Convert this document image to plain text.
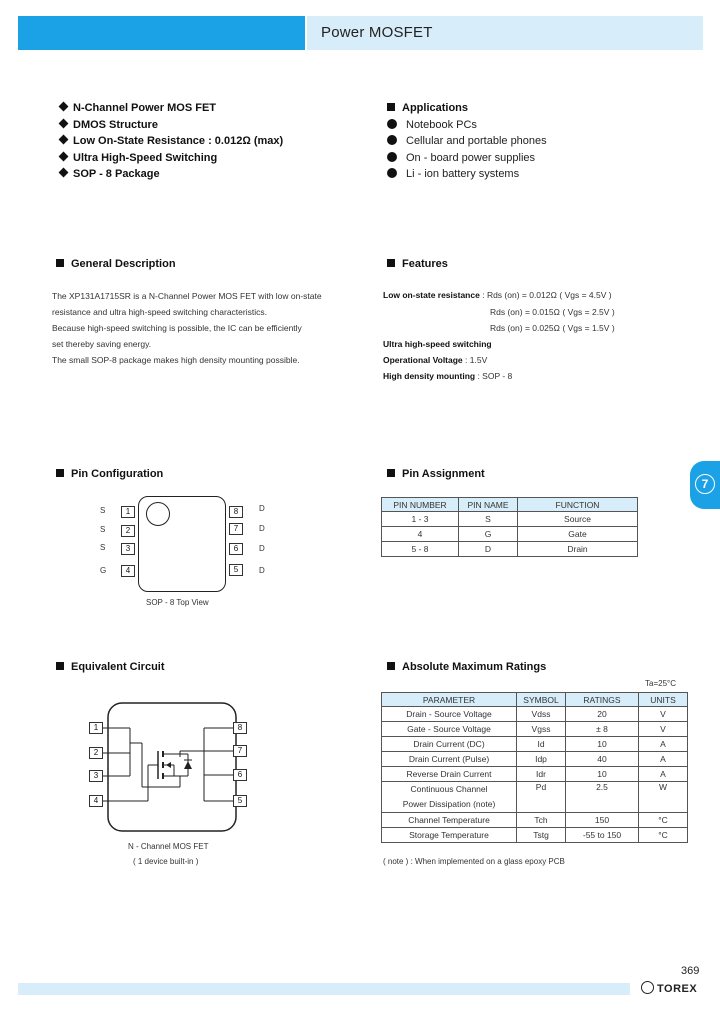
Power MOSFET
N-Channel Power MOS FET
DMOS Structure
Low On-State Resistance : 0.012Ω (max)
Ultra High-Speed Switching
SOP - 8 Package
Applications
Notebook PCs
Cellular and portable phones
On - board power supplies
Li - ion battery systems
General Description
The XP131A1715SR is a N-Channel Power MOS FET with low on-state
resistance and ultra high-speed switching characteristics.
Because high-speed switching is possible, the IC can be efficiently
set thereby saving energy.
The small SOP-8 package makes high density mounting possible.
Features
Low on-state resistance : Rds (on) = 0.012Ω ( Vgs = 4.5V )
Rds (on) = 0.015Ω ( Vgs = 2.5V )
Rds (on) = 0.025Ω ( Vgs = 1.5V )
Ultra high-speed switching
Operational Voltage : 1.5V
High density mounting : SOP - 8
Pin Configuration
S	1
S	2
S	3
G	4
8	D
7	D
6	D
5	D
SOP - 8 Top View
Pin Assignment
PIN NUMBER	PIN NAME	FUNCTION
1 - 3	S	Source
4	G	Gate
5 - 8	D	Drain
7
Equivalent Circuit
1
2
3
4
8
7
6
5
N - Channel MOS FET
( 1 device built-in )
Absolute Maximum Ratings
Ta=25°C
PARAMETER	SYMBOL	RATINGS	UNITS
Drain - Source Voltage	Vdss	20	V
Gate - Source Voltage	Vgss	± 8	V
Drain Current (DC)	Id	10	A
Drain Current (Pulse)	Idp	40	A
Reverse Drain Current	Idr	10	A

Continuous Channel
Power Dissipation (note)	Pd	2.5	W
Channel Temperature	Tch	150	°C
Storage Temperature	Tstg	-55 to 150	°C
( note ) : When implemented on a glass epoxy PCB
369
TOREX
